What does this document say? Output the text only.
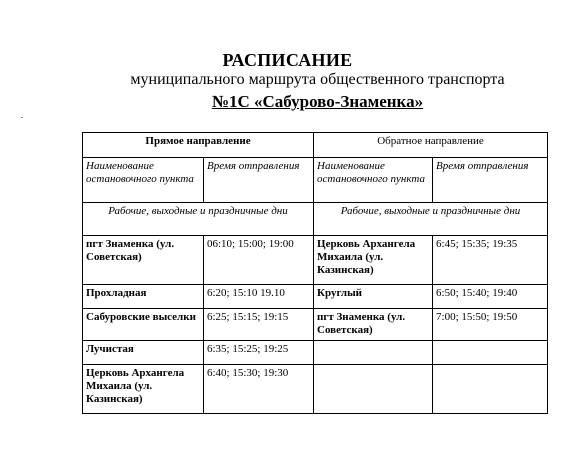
РАСПИСАНИЕ
муниципального маршрута общественного транспорта
№1С «Сабурово-Знаменка»
Прямое направление		Обратное направление	
Наименование остановочного пункта	Время отправления	Наименование остановочного пункта	Время отправления
Рабочие, выходные и праздничные дни		Рабочие, выходные и праздничные дни	
пгт Знаменка (ул. Советская)	06:10; 15:00; 19:00	Церковь Архангела Михаила (ул. Казинская)	6:45; 15:35; 19:35
Прохладная	6:20; 15:10 19.10	Круглый	6:50; 15:40; 19:40
Сабуровские выселки	6:25; 15:15; 19:15	пгт Знаменка (ул. Советская)	7:00; 15:50; 19:50
Лучистая	6:35; 15:25; 19:25		
Церковь Архангела Михаила (ул. Казинская)	6:40; 15:30; 19:30		
